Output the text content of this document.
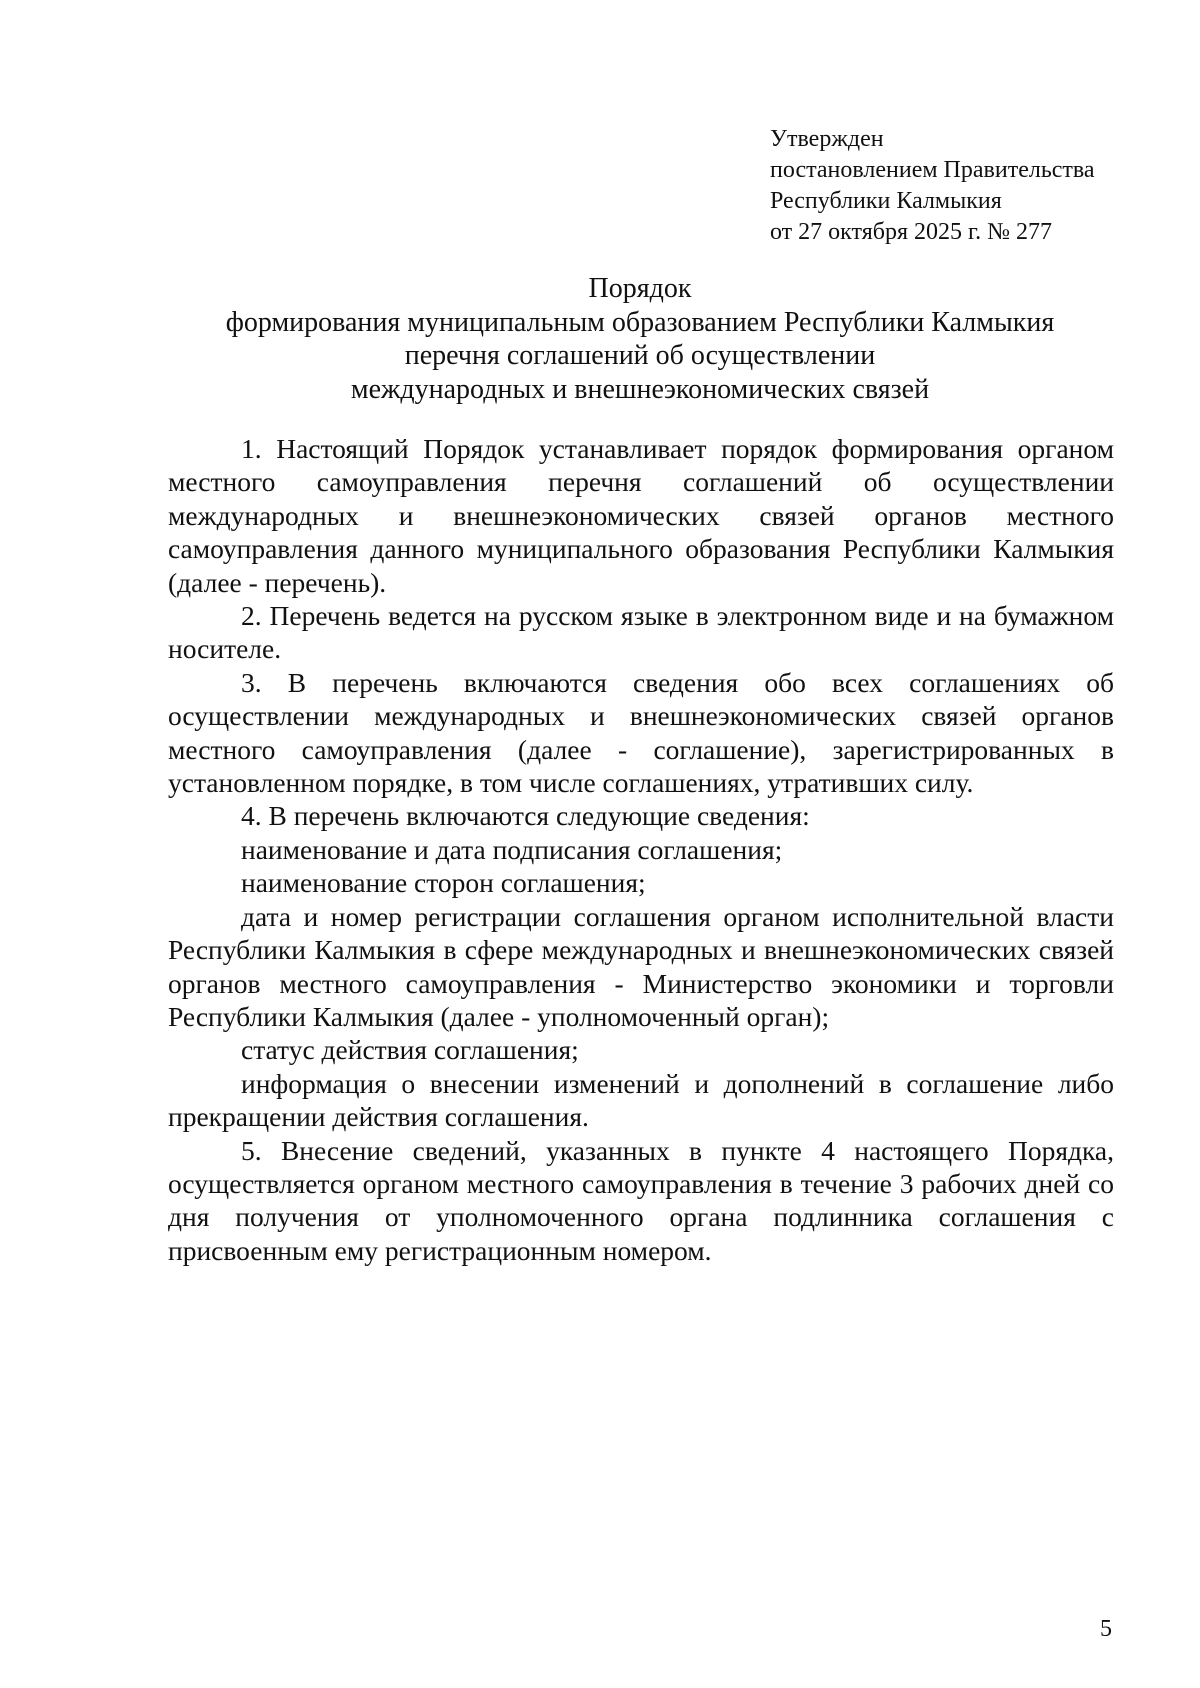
Утвержден
постановлением Правительства
Республики Калмыкия
от 27 октября 2025 г. № 277
Порядок
формирования муниципальным образованием Республики Калмыкия
перечня соглашений об осуществлении
международных и внешнеэкономических связей

1. Настоящий Порядок устанавливает порядок формирования органом местного самоуправления перечня соглашений об осуществлении международных и внешнеэкономических связей органов местного самоуправления данного муниципального образования Республики Калмыкия (далее - перечень).

2. Перечень ведется на русском языке в электронном виде и на бумажном носителе.

3. В перечень включаются сведения обо всех соглашениях об осуществлении международных и внешнеэкономических связей органов местного самоуправления (далее - соглашение), зарегистрированных в установленном порядке, в том числе соглашениях, утративших силу.

4. В перечень включаются следующие сведения:

наименование и дата подписания соглашения;

наименование сторон соглашения;

дата и номер регистрации соглашения органом исполнительной власти Республики Калмыкия в сфере международных и внешнеэкономических связей органов местного самоуправления - Министерство экономики и торговли Республики Калмыкия (далее - уполномоченный орган);

статус действия соглашения;

информация о внесении изменений и дополнений в соглашение либо прекращении действия соглашения.

5. Внесение сведений, указанных в пункте 4 настоящего Порядка, осуществляется органом местного самоуправления в течение 3 рабочих дней со дня получения от уполномоченного органа подлинника соглашения с присвоенным ему регистрационным номером.

5
